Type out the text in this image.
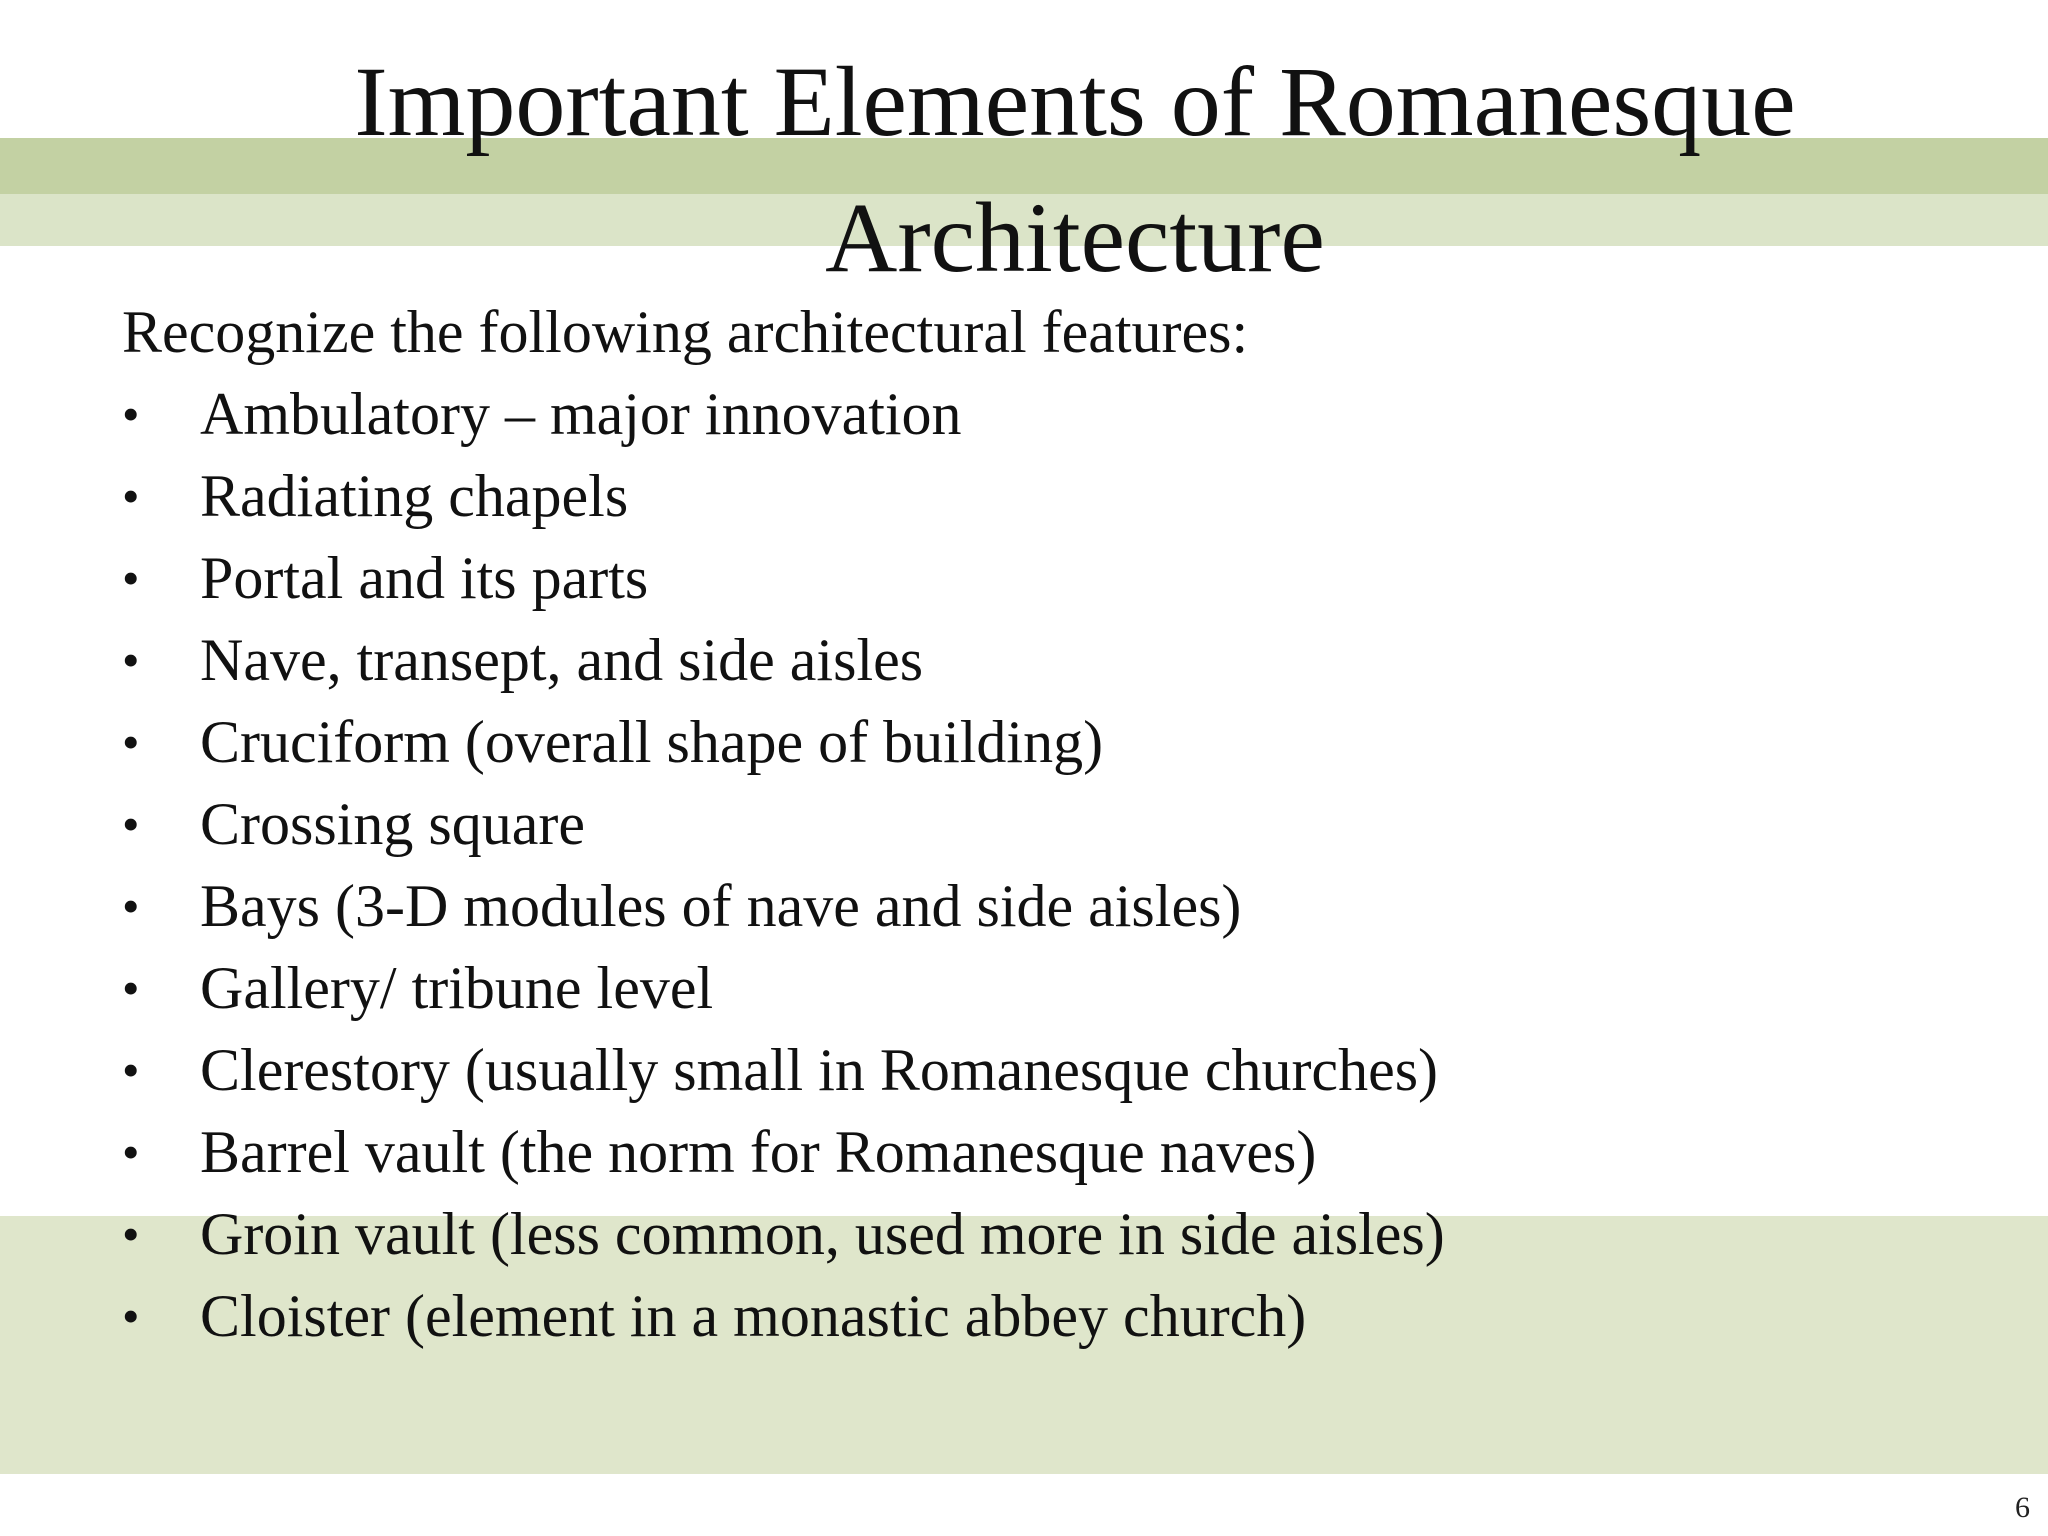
Important Elements of Romanesque Architecture

Recognize the following architectural features:

• Ambulatory – major innovation
• Radiating chapels
• Portal and its parts
• Nave, transept, and side aisles
• Cruciform (overall shape of building)
• Crossing square
• Bays (3-D modules of nave and side aisles)
• Gallery/ tribune level
• Clerestory (usually small in Romanesque churches)
• Barrel vault (the norm for Romanesque naves)
• Groin vault (less common, used more in side aisles)
• Cloister (element in a monastic abbey church)
6
